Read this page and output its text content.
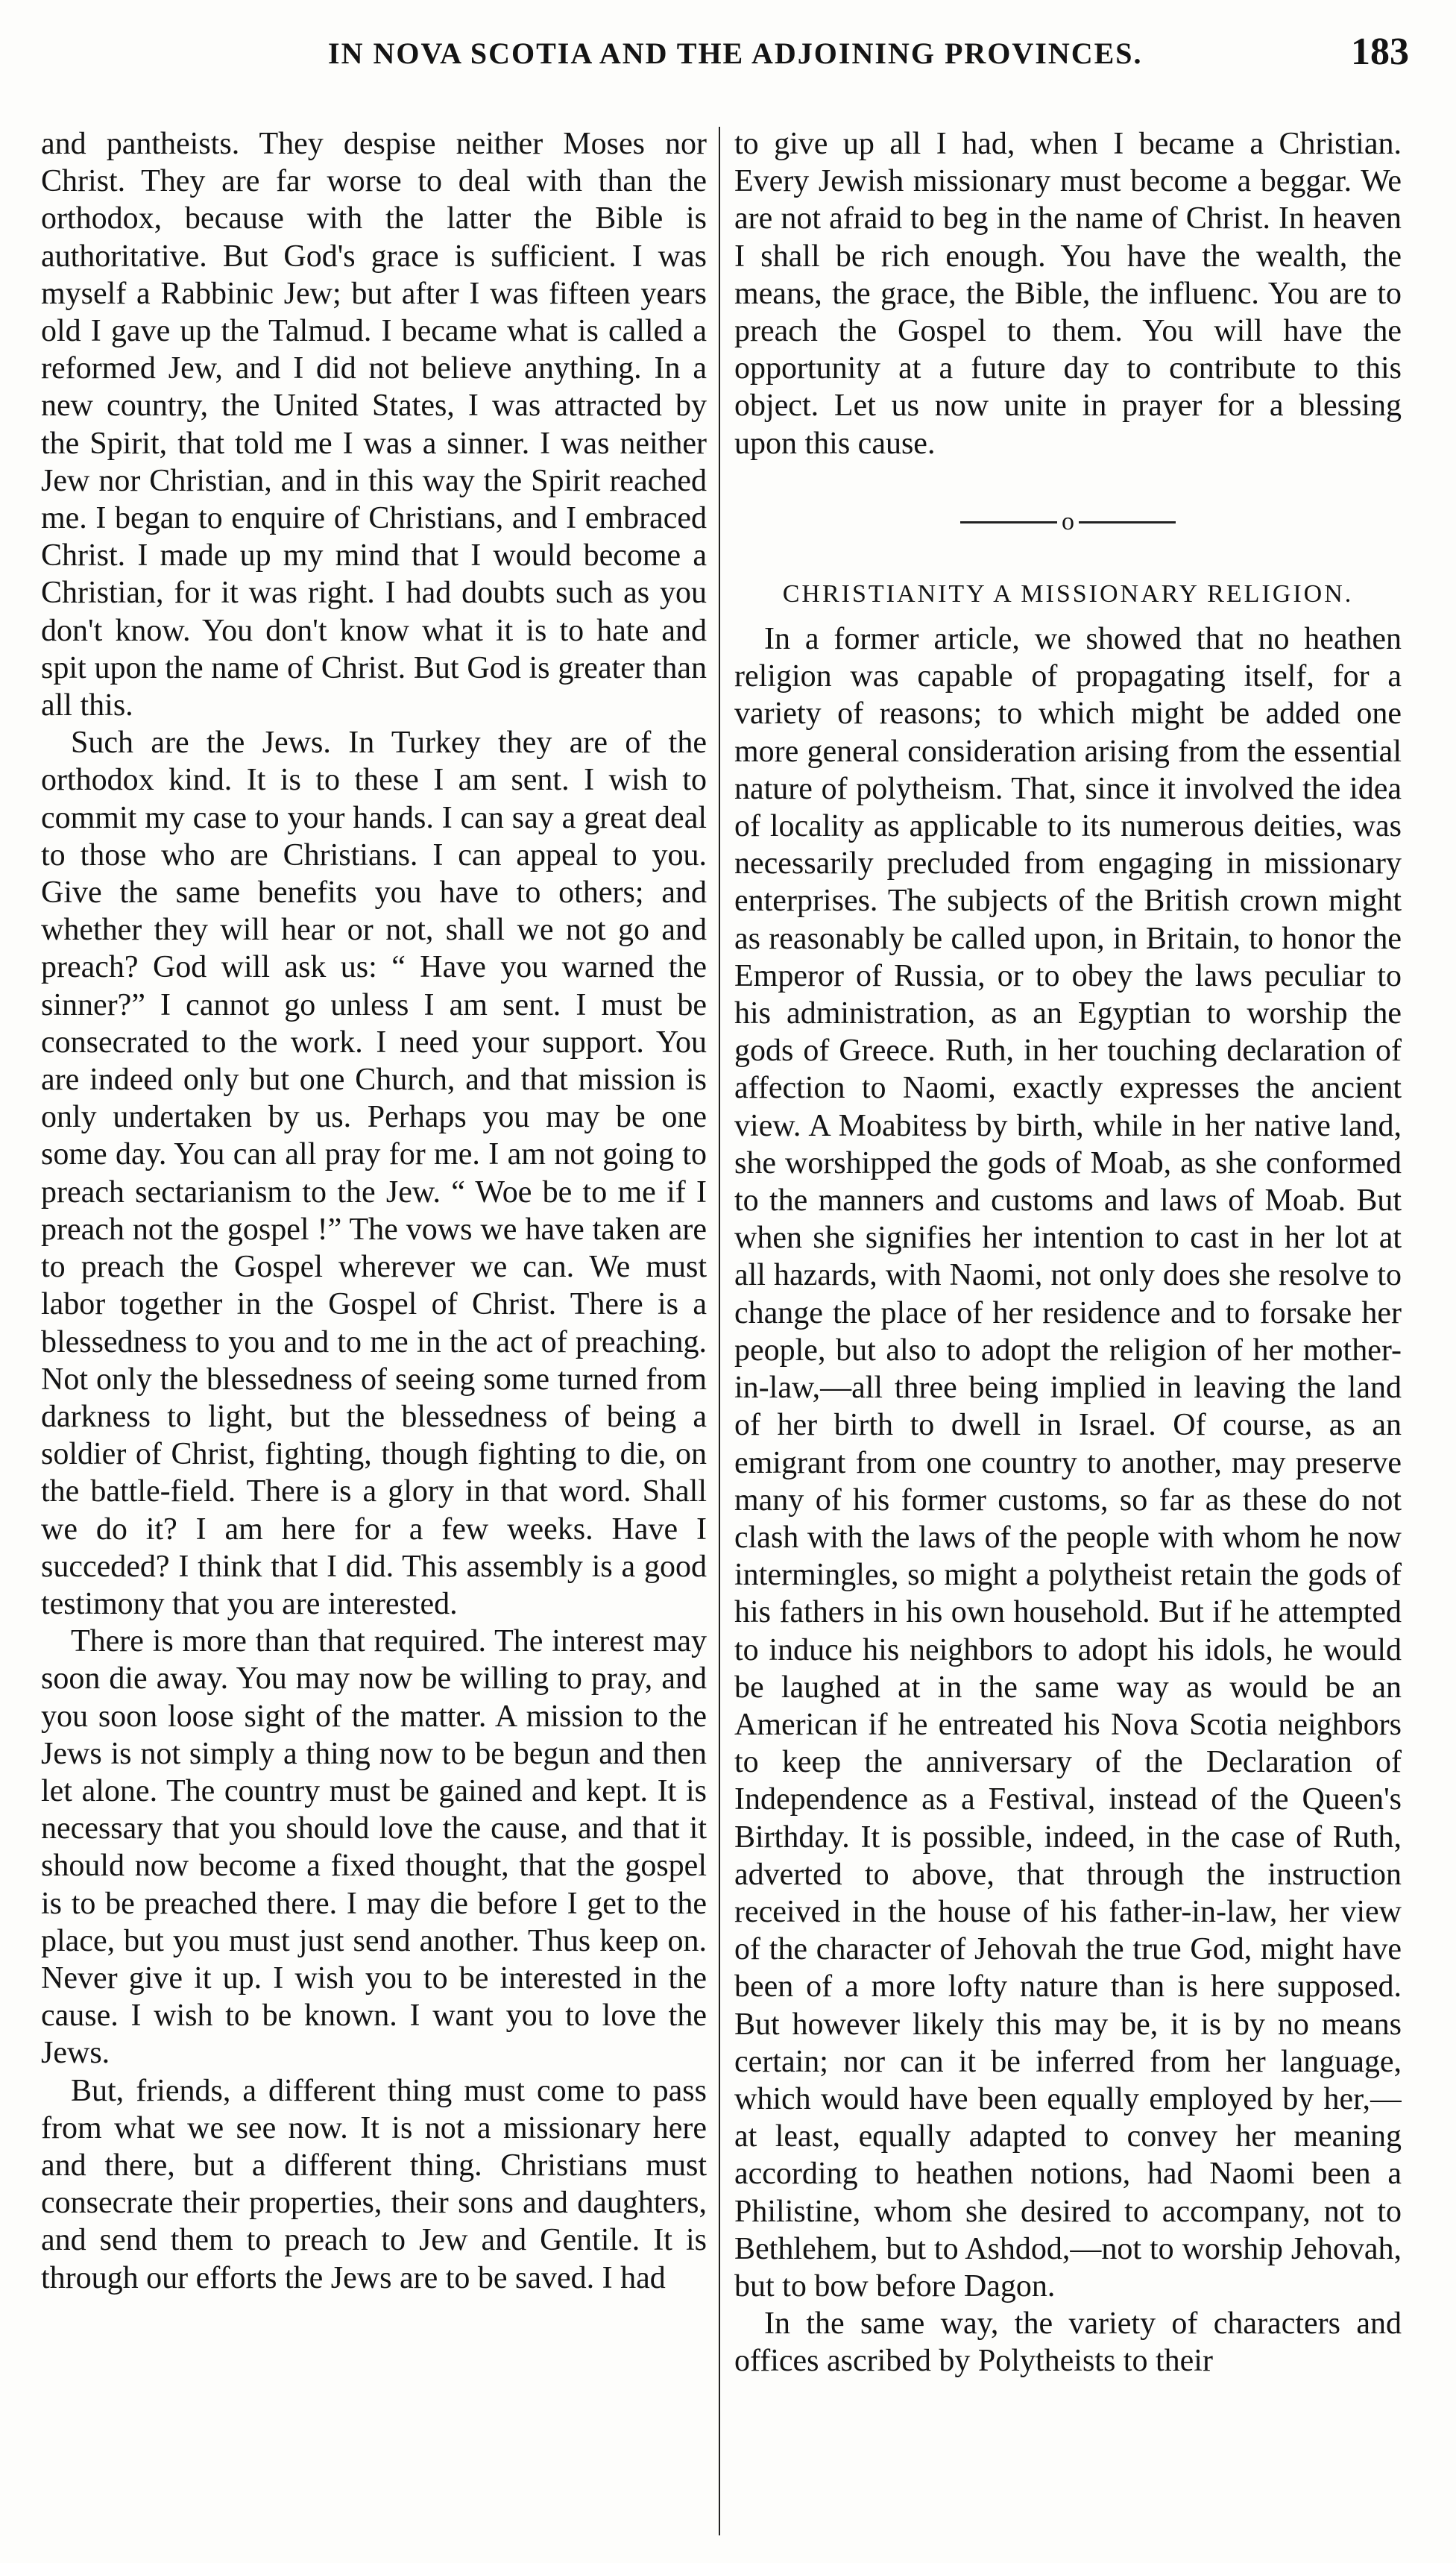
IN NOVA SCOTIA AND THE ADJOINING PROVINCES.	183

and pantheists. They despise neither Moses nor Christ. They are far worse to deal with than the orthodox, because with the latter the Bible is authoritative. But God's grace is sufficient. I was myself a Rabbinic Jew; but after I was fifteen years old I gave up the Talmud. I became what is called a reformed Jew, and I did not believe anything. In a new country, the United States, I was attracted by the Spirit, that told me I was a sinner. I was neither Jew nor Christian, and in this way the Spirit reached me. I began to enquire of Christians, and I embraced Christ. I made up my mind that I would become a Christian, for it was right. I had doubts such as you don't know. You don't know what it is to hate and spit upon the name of Christ. But God is greater than all this.

Such are the Jews. In Turkey they are of the orthodox kind. It is to these I am sent. I wish to commit my case to your hands. I can say a great deal to those who are Christians. I can appeal to you. Give the same benefits you have to others; and whether they will hear or not, shall we not go and preach? God will ask us: “ Have you warned the sinner?” I cannot go unless I am sent. I must be consecrated to the work. I need your support. You are indeed only but one Church, and that mission is only undertaken by us. Perhaps you may be one some day. You can all pray for me. I am not going to preach sectarianism to the Jew. “ Woe be to me if I preach not the gospel !” The vows we have taken are to preach the Gospel wherever we can. We must labor together in the Gospel of Christ. There is a blessedness to you and to me in the act of preaching. Not only the blessedness of seeing some turned from darkness to light, but the blessedness of being a soldier of Christ, fighting, though fighting to die, on the battle-field. There is a glory in that word. Shall we do it? I am here for a few weeks. Have I succeded? I think that I did. This assembly is a good testimony that you are interested.

There is more than that required. The interest may soon die away. You may now be willing to pray, and you soon loose sight of the matter. A mission to the Jews is not simply a thing now to be begun and then let alone. The country must be gained and kept. It is necessary that you should love the cause, and that it should now become a fixed thought, that the gospel is to be preached there. I may die before I get to the place, but you must just send another. Thus keep on. Never give it up. I wish you to be interested in the cause. I wish to be known. I want you to love the Jews.

But, friends, a different thing must come to pass from what we see now. It is not a missionary here and there, but a different thing. Christians must consecrate their properties, their sons and daughters, and send them to preach to Jew and Gentile. It is through our efforts the Jews are to be saved. I had

to give up all I had, when I became a Christian. Every Jewish missionary must become a beggar. We are not afraid to beg in the name of Christ. In heaven I shall be rich enough. You have the wealth, the means, the grace, the Bible, the influenc. You are to preach the Gospel to them. You will have the opportunity at a future day to contribute to this object. Let us now unite in prayer for a blessing upon this cause.

o
CHRISTIANITY A MISSIONARY RELIGION.

In a former article, we showed that no heathen religion was capable of propagating itself, for a variety of reasons; to which might be added one more general consideration arising from the essential nature of polytheism. That, since it involved the idea of locality as applicable to its numerous deities, was necessarily precluded from engaging in missionary enterprises. The subjects of the British crown might as reasonably be called upon, in Britain, to honor the Emperor of Russia, or to obey the laws peculiar to his administration, as an Egyptian to worship the gods of Greece. Ruth, in her touching declaration of affection to Naomi, exactly expresses the ancient view. A Moabitess by birth, while in her native land, she worshipped the gods of Moab, as she conformed to the manners and customs and laws of Moab. But when she signifies her intention to cast in her lot at all hazards, with Naomi, not only does she resolve to change the place of her residence and to forsake her people, but also to adopt the religion of her mother-in-law,—all three being implied in leaving the land of her birth to dwell in Israel. Of course, as an emigrant from one country to another, may preserve many of his former customs, so far as these do not clash with the laws of the people with whom he now intermingles, so might a polytheist retain the gods of his fathers in his own household. But if he attempted to induce his neighbors to adopt his idols, he would be laughed at in the same way as would be an American if he entreated his Nova Scotia neighbors to keep the anniversary of the Declaration of Independence as a Festival, instead of the Queen's Birthday. It is possible, indeed, in the case of Ruth, adverted to above, that through the instruction received in the house of his father-in-law, her view of the character of Jehovah the true God, might have been of a more lofty nature than is here supposed. But however likely this may be, it is by no means certain; nor can it be inferred from her language, which would have been equally employed by her,—at least, equally adapted to convey her meaning according to heathen notions, had Naomi been a Philistine, whom she desired to accompany, not to Bethlehem, but to Ashdod,—not to worship Jehovah, but to bow before Dagon.

In the same way, the variety of characters and offices ascribed by Polytheists to their
